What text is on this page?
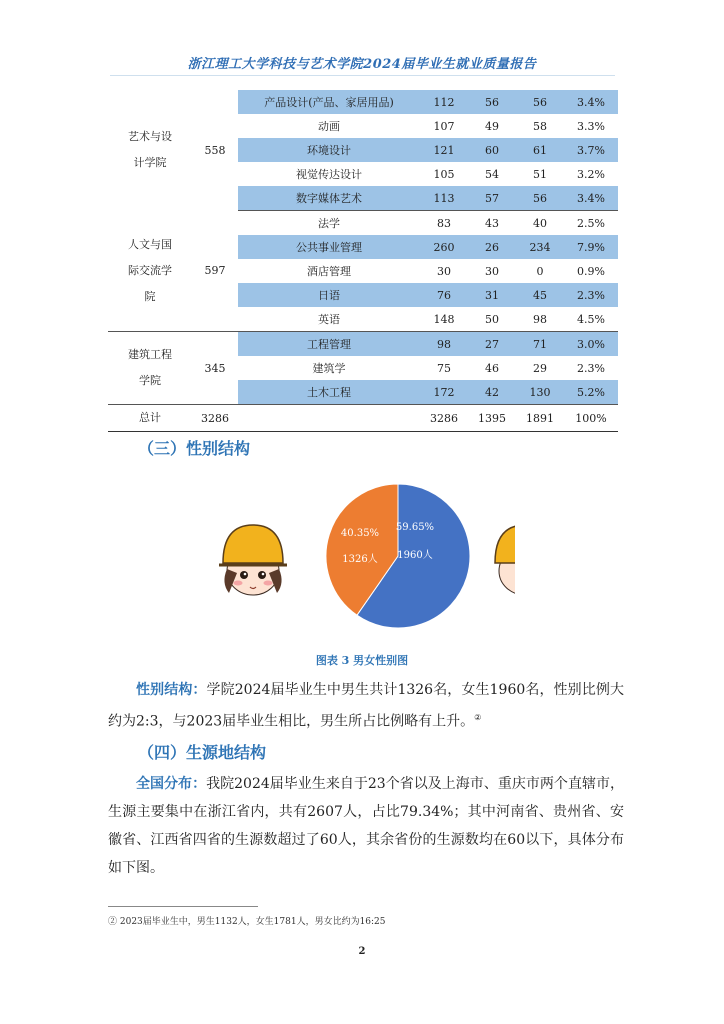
浙江理工大学科技与艺术学院2024届毕业生就业质量报告
艺术与设
计学院	558	产品设计(产品、家居用品)	112	56	56	3.4%
		动画	107	49	58	3.3%
		环境设计	121	60	61	3.7%
		视觉传达设计	105	54	51	3.2%
		数字媒体艺术	113	57	56	3.4%
人文与国
际交流学
院	597	法学	83	43	40	2.5%
		公共事业管理	260	26	234	7.9%
		酒店管理	30	30	0	0.9%
		日语	76	31	45	2.3%
		英语	148	50	98	4.5%
建筑工程
学院	345	工程管理	98	27	71	3.0%
		建筑学	75	46	29	2.3%
		土木工程	172	42	130	5.2%
总计	3286		3286	1395	1891	100%
（三）性别结构
59.65%
1960人
40.35%
1326人
图表 3 男女性别图
性别结构：学院2024届毕业生中男生共计1326名，女生1960名，性别比例大约为2:3，与2023届毕业生相比，男生所占比例略有上升。②
（四）生源地结构
全国分布：我院2024届毕业生来自于23个省以及上海市、重庆市两个直辖市，生源主要集中在浙江省内，共有2607人，占比79.34%；其中河南省、贵州省、安徽省、江西省四省的生源数超过了60人，其余省份的生源数均在60以下，具体分布如下图。
② 2023届毕业生中，男生1132人，女生1781人，男女比约为16:25
2
